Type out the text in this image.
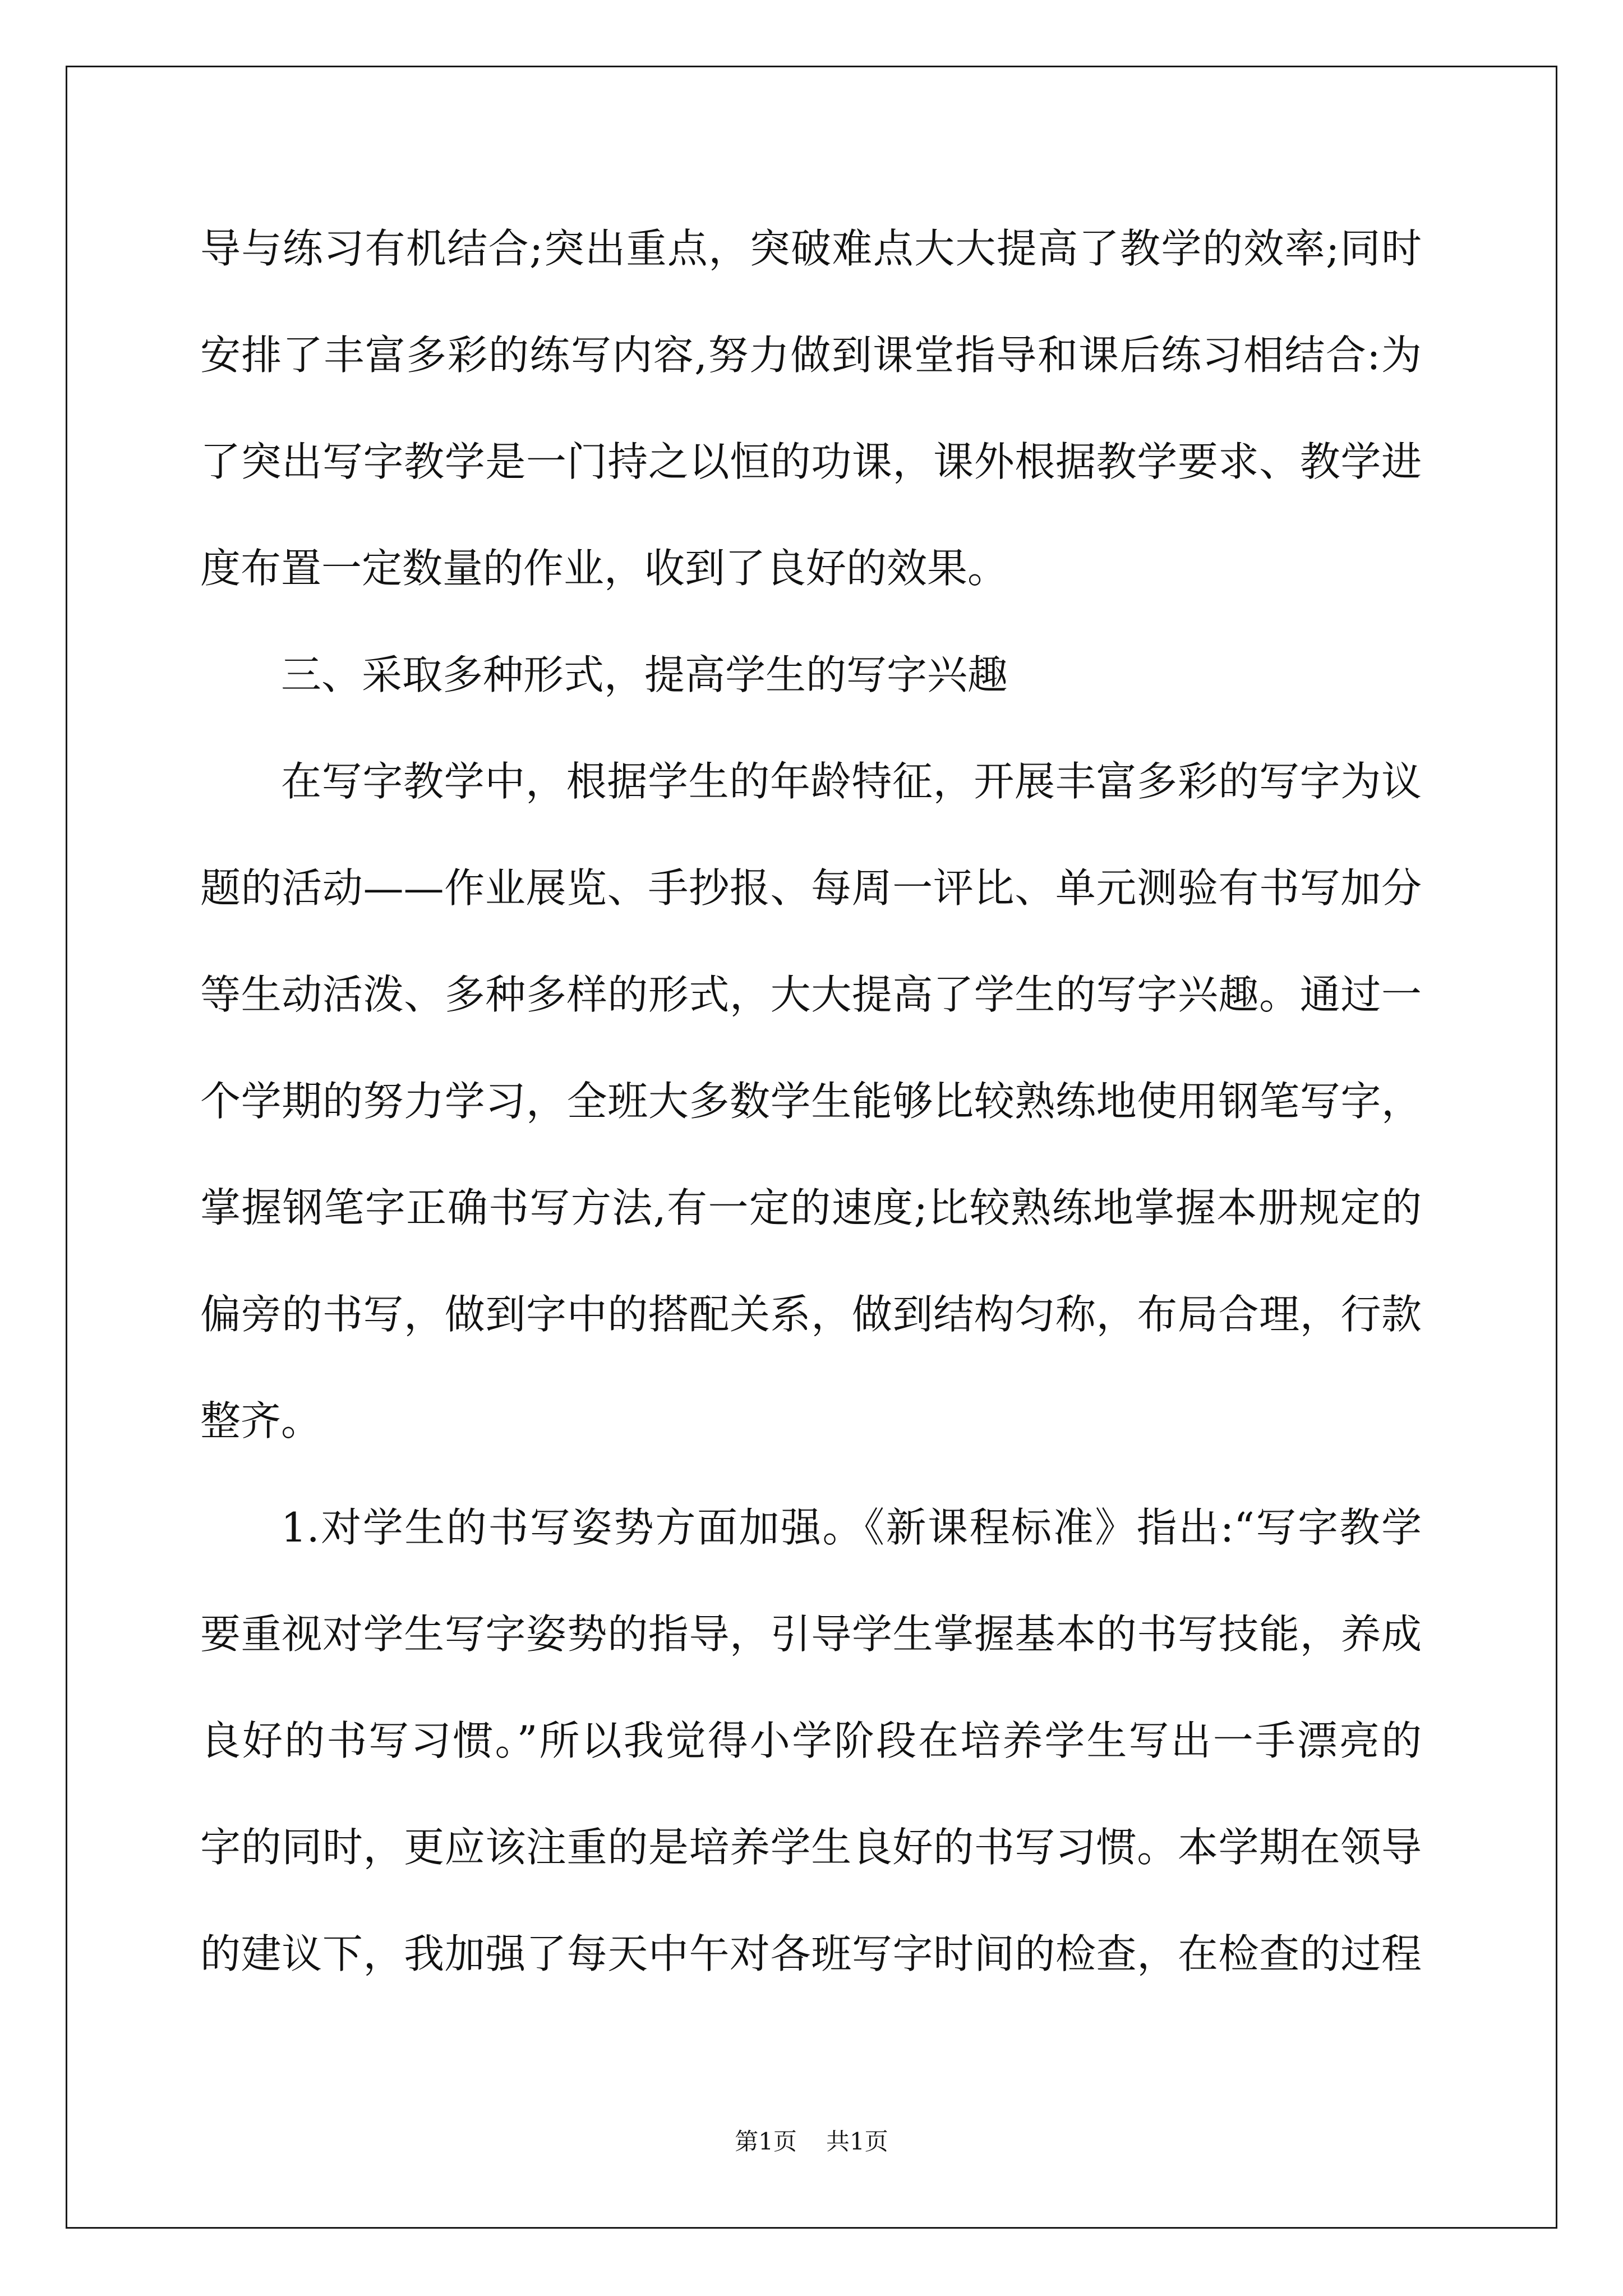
导与练习有机结合;突出重点，突破难点大大提高了教学的效率;同时
安排了丰富多彩的练写内容,努力做到课堂指导和课后练习相结合:为
了突出写字教学是一门持之以恒的功课，课外根据教学要求、教学进
度布置一定数量的作业，收到了良好的效果。
三、采取多种形式，提高学生的写字兴趣
在写字教学中，根据学生的年龄特征，开展丰富多彩的写字为议
题的活动——作业展览、手抄报、每周一评比、单元测验有书写加分
等生动活泼、多种多样的形式，大大提高了学生的写字兴趣。通过一
个学期的努力学习，全班大多数学生能够比较熟练地使用钢笔写字，
掌握钢笔字正确书写方法,有一定的速度;比较熟练地掌握本册规定的
偏旁的书写，做到字中的搭配关系，做到结构匀称，布局合理，行款
整齐。
1.对学生的书写姿势方面加强。《新课程标准》指出:“写字教学
要重视对学生写字姿势的指导，引导学生掌握基本的书写技能，养成
良好的书写习惯。”所以我觉得小学阶段在培养学生写出一手漂亮的
字的同时，更应该注重的是培养学生良好的书写习惯。本学期在领导
的建议下，我加强了每天中午对各班写字时间的检查，在检查的过程
第1页 共1页
